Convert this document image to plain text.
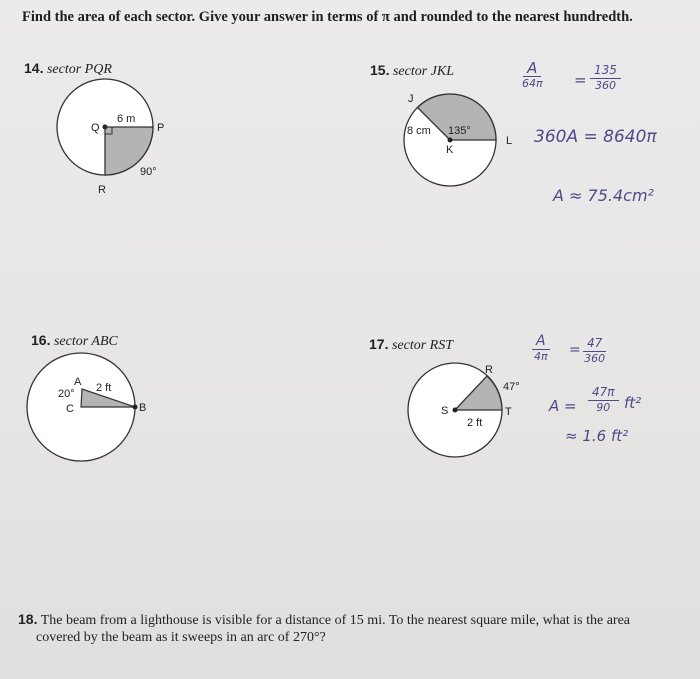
Find the area of each sector. Give your answer in terms of π and rounded to the nearest hundredth.
14. sector PQR
Q
6 m
P
90°
R
15. sector JKL
J
8 cm 135°
K
L
A
$64\pi = \frac{135}{360}$
360A = 8640π
A ≈ 75.4cm²
16. sector ABC
A
20° 2 ft
C	B
17. sector RST
R
47°
S	T
2 ft
A
$4\pi = \frac{47}{360}$
$A = \frac{47\pi}{90} ft^2$
≈ 1.6 ft²
18. The beam from a lighthouse is visible for a distance of 15 mi. To the nearest square mile, what is the area covered by the beam as it sweeps in an arc of 270°?
